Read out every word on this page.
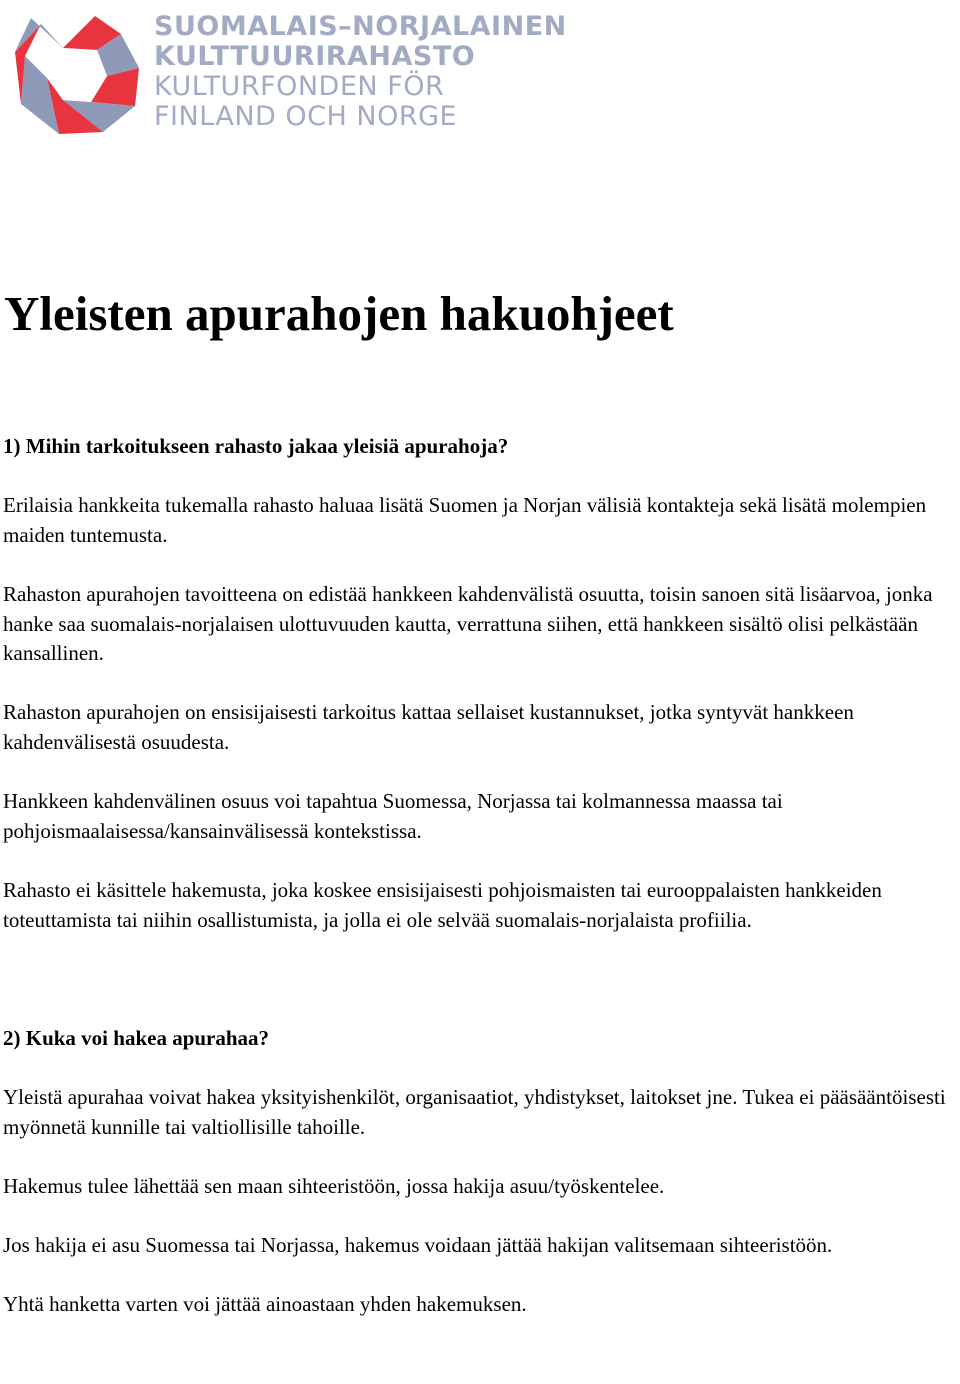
SUOMALAIS–NORJALAINEN
KULTTUURIRAHASTO
KULTURFONDEN FÖR
FINLAND OCH NORGE
Yleisten apurahojen hakuohjeet
1) Mihin tarkoitukseen rahasto jakaa yleisiä apurahoja?

Erilaisia hankkeita tukemalla rahasto haluaa lisätä Suomen ja Norjan välisiä kontakteja sekä lisätä molempien maiden tuntemusta.

Rahaston apurahojen tavoitteena on edistää hankkeen kahdenvälistä osuutta, toisin sanoen sitä lisäarvoa, jonka hanke saa suomalais-norjalaisen ulottuvuuden kautta, verrattuna siihen, että hankkeen sisältö olisi pelkästään kansallinen.

Rahaston apurahojen on ensisijaisesti tarkoitus kattaa sellaiset kustannukset, jotka syntyvät hankkeen kahdenvälisestä osuudesta.

Hankkeen kahdenvälinen osuus voi tapahtua Suomessa, Norjassa tai kolmannessa maassa tai pohjoismaalaisessa/kansainvälisessä kontekstissa.

Rahasto ei käsittele hakemusta, joka koskee ensisijaisesti pohjoismaisten tai eurooppalaisten hankkeiden toteuttamista tai niihin osallistumista, ja jolla ei ole selvää suomalais-norjalaista profiilia.

2) Kuka voi hakea apurahaa?

Yleistä apurahaa voivat hakea yksityishenkilöt, organisaatiot, yhdistykset, laitokset jne. Tukea ei pääsääntöisesti myönnetä kunnille tai valtiollisille tahoille.

Hakemus tulee lähettää sen maan sihteeristöön, jossa hakija asuu/työskentelee.

Jos hakija ei asu Suomessa tai Norjassa, hakemus voidaan jättää hakijan valitsemaan sihteeristöön.

Yhtä hanketta varten voi jättää ainoastaan yhden hakemuksen.
